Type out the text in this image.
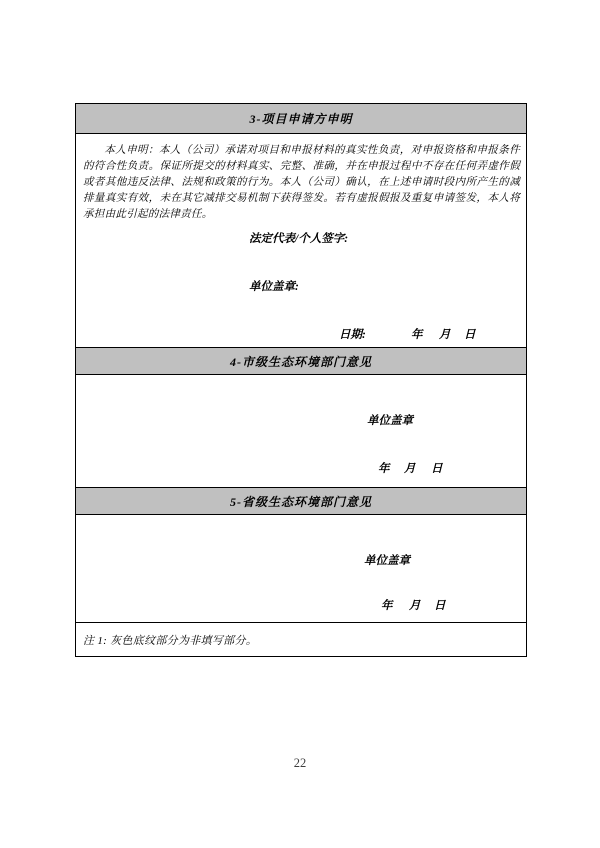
3-项目申请方申明

本人申明：本人（公司）承诺对项目和申报材料的真实性负责，对申报资格和申报条件的符合性负责。保证所提交的材料真实、完整、准确，并在申报过程中不存在任何弄虚作假或者其他违反法律、法规和政策的行为。本人（公司）确认，在上述申请时段内所产生的减排量真实有效，未在其它减排交易机制下获得签发。若有虚报假报及重复申请签发，本人将承担由此引起的法律责任。

法定代表/个人签字:
单位盖章:
日期:	年 月 日
4-市级生态环境部门意见
单位盖章
年 月 日
5-省级生态环境部门意见
单位盖章
年 月 日
注 1: 灰色底纹部分为非填写部分。
22
